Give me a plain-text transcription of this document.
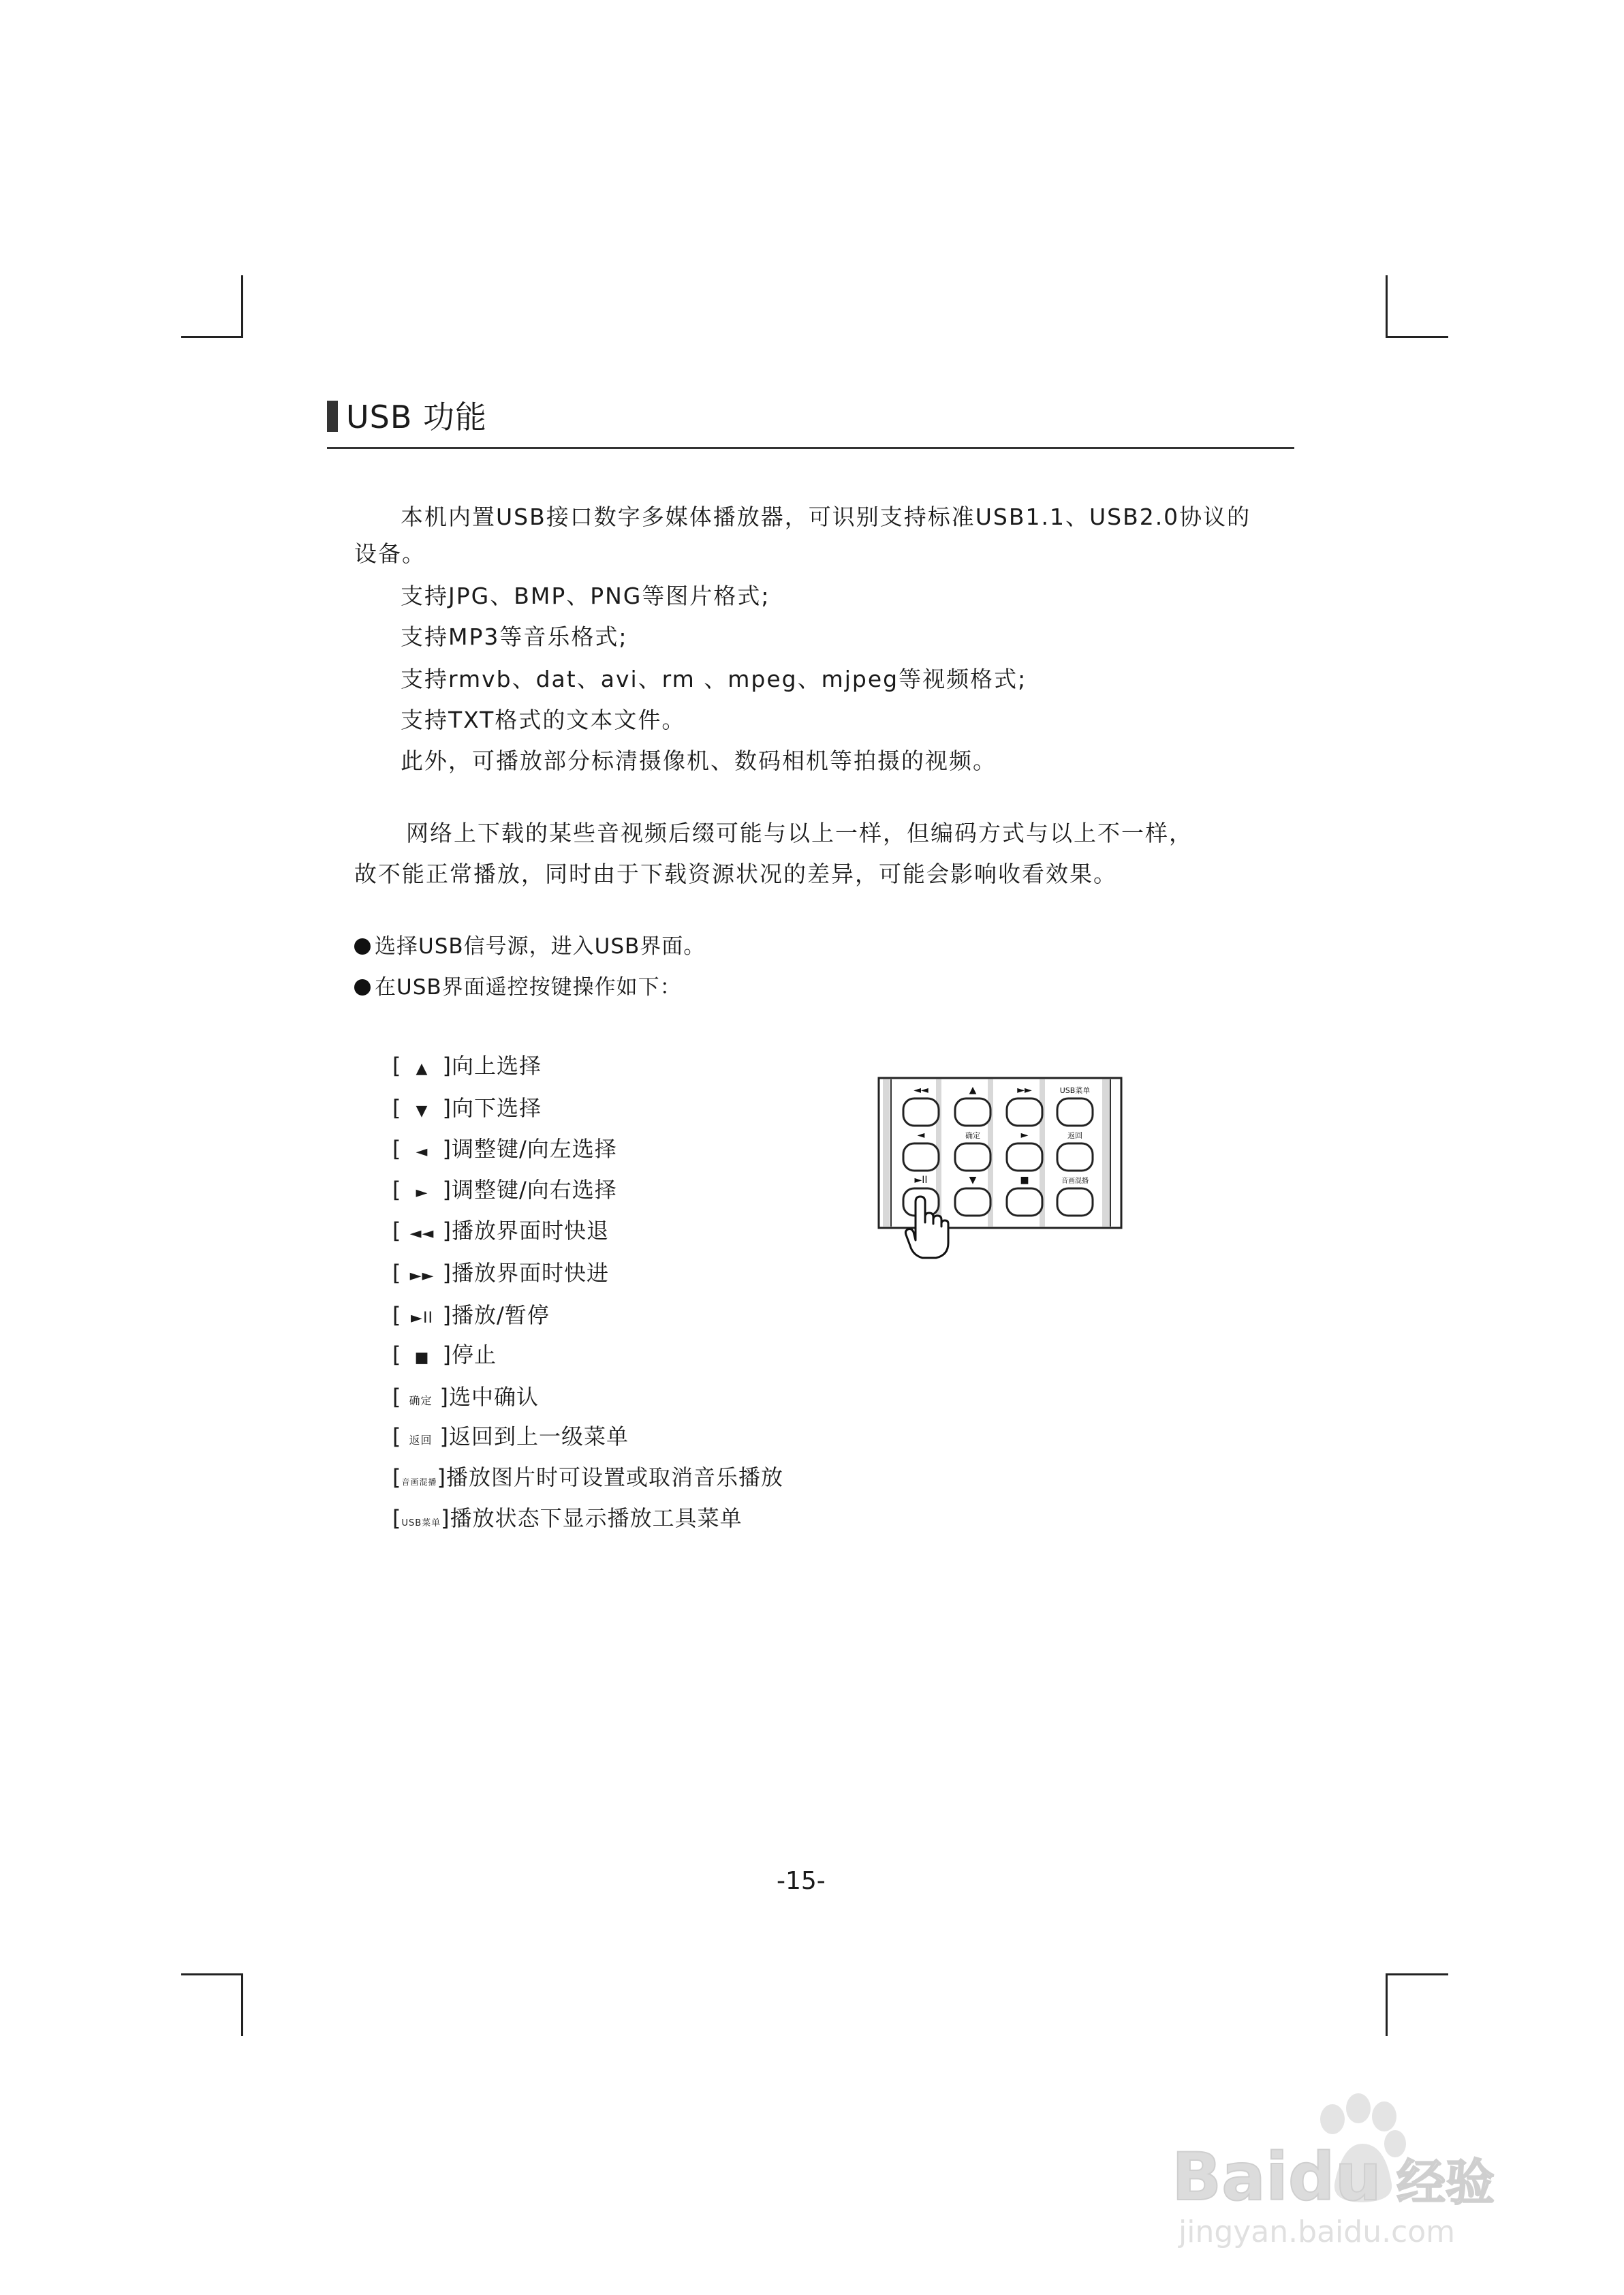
USB 功能
本机内置USB接口数字多媒体播放器，可识别支持标准USB1.1、USB2.0协议的
设备。
支持JPG、BMP、PNG等图片格式;
支持MP3等音乐格式;
支持rmvb、dat、avi、rm 、mpeg、mjpeg等视频格式;
支持TXT格式的文本文件。
此外，可播放部分标清摄像机、数码相机等拍摄的视频。
网络上下载的某些音视频后缀可能与以上一样，但编码方式与以上不一样，
故不能正常播放，同时由于下载资源状况的差异，可能会影响收看效果。
选择USB信号源，进入USB界面。
在USB界面遥控按键操作如下：
[ ▲ ]向上选择
[ ▼ ]向下选择
[ ◄ ]调整键/向左选择
[ ► ]调整键/向右选择
[ ◄◄ ]播放界面时快退
[ ►► ]播放界面时快进
[ ►II ]播放/暂停
[ ■ ]停止
[ 确定 ]选中确认
[ 返回 ]返回到上一级菜单
[音画混播]播放图片时可设置或取消音乐播放
[USB菜单]播放状态下显示播放工具菜单
◄◄	▲	►►	USB菜单
◄	确定	►	返回
►II	▼	■	音画混播
-15-
Baidu 经验
jingyan.baidu.com
